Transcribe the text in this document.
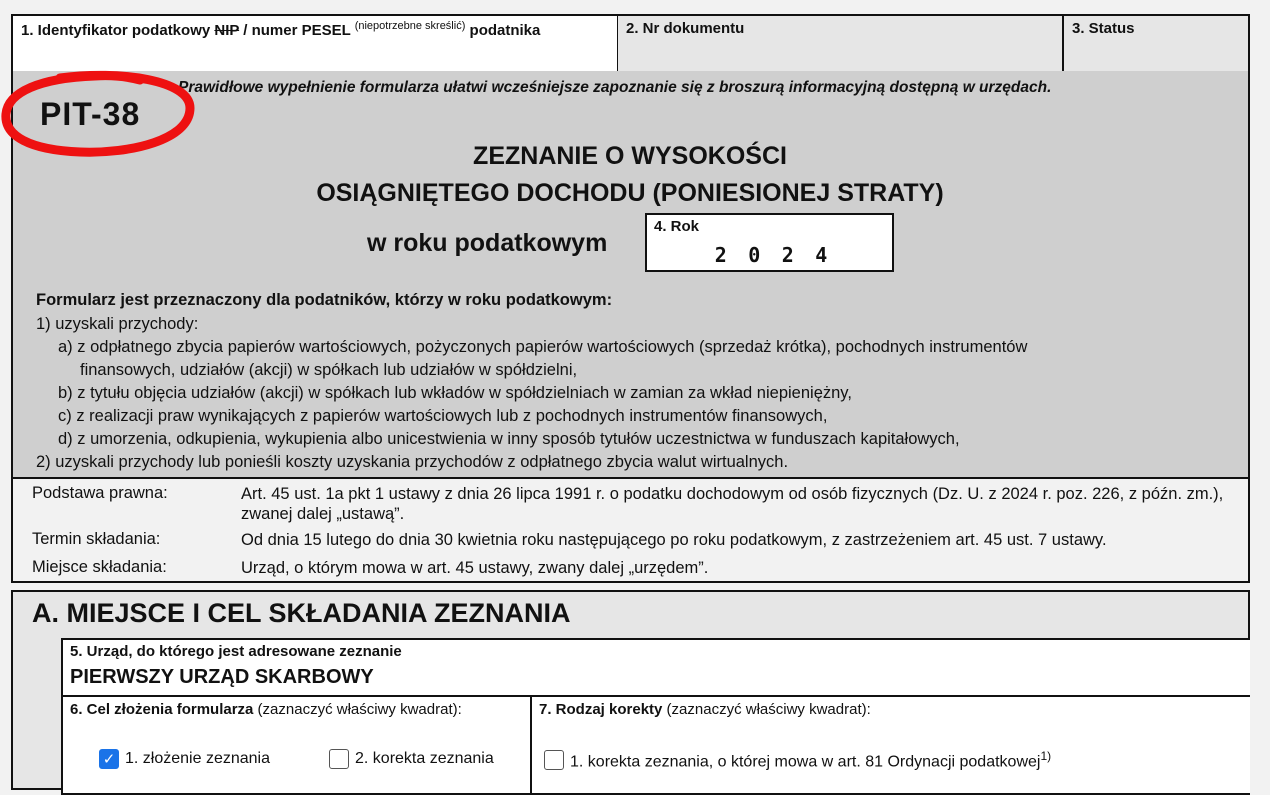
1. Identyfikator podatkowy NIP / numer PESEL $^{(niepotrzebne skreślić)}$ podatnika	2. Nr dokumentu	3. Status
Prawidłowe wypełnienie formularza ułatwi wcześniejsze zapoznanie się z broszurą informacyjną dostępną w urzędach.
PIT-38
ZEZNANIE O WYSOKOŚCI
OSIĄGNIĘTEGO DOCHODU (PONIESIONEJ STRATY)
w roku podatkowym
4. Rok
2	0	2	4
Formularz jest przeznaczony dla podatników, którzy w roku podatkowym:
1) uzyskali przychody:
a) z odpłatnego zbycia papierów wartościowych, pożyczonych papierów wartościowych (sprzedaż krótka), pochodnych instrumentów
finansowych, udziałów (akcji) w spółkach lub udziałów w spółdzielni,
b) z tytułu objęcia udziałów (akcji) w spółkach lub wkładów w spółdzielniach w zamian za wkład niepieniężny,
c) z realizacji praw wynikających z papierów wartościowych lub z pochodnych instrumentów finansowych,
d) z umorzenia, odkupienia, wykupienia albo unicestwienia w inny sposób tytułów uczestnictwa w funduszach kapitałowych,
2) uzyskali przychody lub ponieśli koszty uzyskania przychodów z odpłatnego zbycia walut wirtualnych.
Podstawa prawna:	Art. 45 ust. 1a pkt 1 ustawy z dnia 26 lipca 1991 r. o podatku dochodowym od osób fizycznych (Dz. U. z 2024 r. poz. 226, z późn. zm.), zwanej dalej „ustawą”.
Termin składania:	Od dnia 15 lutego do dnia 30 kwietnia roku następującego po roku podatkowym, z zastrzeżeniem art. 45 ust. 7 ustawy.
Miejsce składania:	Urząd, o którym mowa w art. 45 ustawy, zwany dalej „urzędem”.
A. MIEJSCE I CEL SKŁADANIA ZEZNANIA
5. Urząd, do którego jest adresowane zeznanie
PIERWSZY URZĄD SKARBOWY
6. Cel złożenia formularza (zaznaczyć właściwy kwadrat):
✓ 1. złożenie zeznania	2. korekta zeznania
7. Rodzaj korekty (zaznaczyć właściwy kwadrat):
1. korekta zeznania, o której mowa w art. 81 Ordynacji podatkowej$^{1)}$
